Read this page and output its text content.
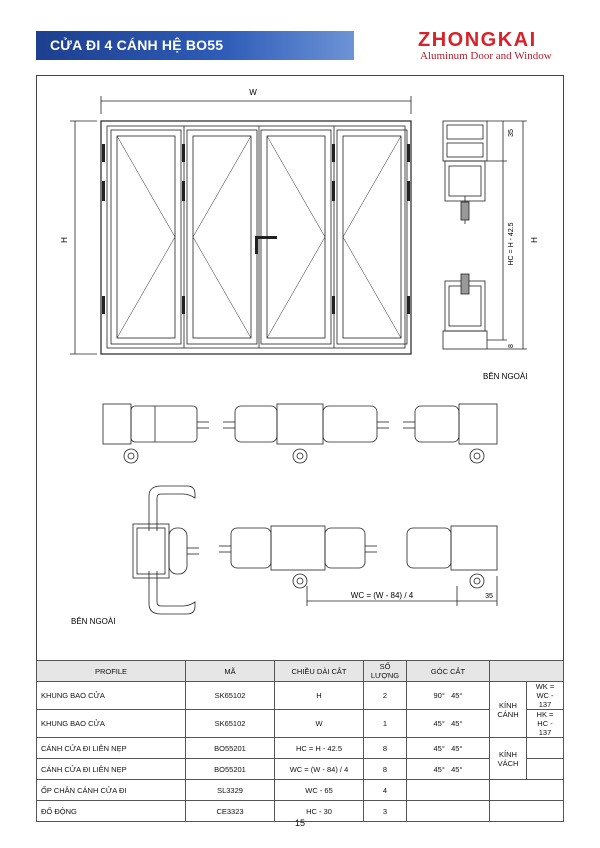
CỬA ĐI 4 CÁNH HỆ BO55	ZHONGKAI
Aluminum Door and Window
W
H
35
HC = H - 42.5 H
8
BÊN NGOÀI
WC = (W - 84) / 4	35
BÊN NGOÀI
PROFILE	MÃ	CHIỀU DÀI CẮT	SỐ LƯỢNG	GÓC CẮT		
KHUNG BAO CỬA	SK65102	H	2	90° 45°	KÍNH CÁNH	WK = WC - 137
KHUNG BAO CỬA	SK65102	W	1	45° 45°		HK = HC - 137
CÁNH CỬA ĐI LIÊN NẸP	BO55201	HC = H - 42.5	8	45° 45°	KÍNH VÁCH	
CÁNH CỬA ĐI LIÊN NẸP	BO55201	WC = (W - 84) / 4	8	45° 45°		
ỐP CHÂN CÁNH CỬA ĐI	SL3329	WC - 65	4			
ĐỐ ĐỘNG	CE3323	HC - 30	3			
15
